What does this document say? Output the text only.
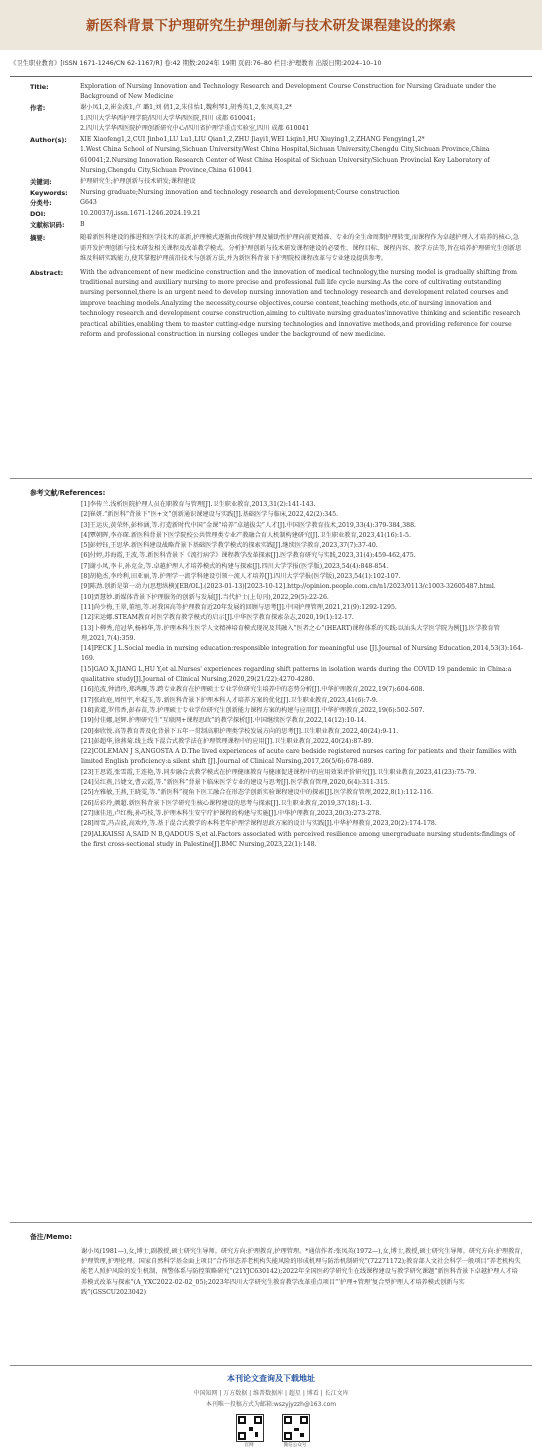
新医科背景下护理研究生护理创新与技术研发课程建设的探索
《卫生职业教育》[ISSN 1671-1246/CN 62-1167/R] 卷:42 期数:2024年 19期 页码:76–80 栏目:护理教育 出版日期:2024–10–10
Title:	Exploration of Nursing Innovation and Technology Research and Development Course Construction for Nursing Graduate under the Background of New Medicine

作者:	谢小凤1,2,崔金波1,卢 璐1,刘 倩1,2,朱佳怡1,魏利琴1,胡秀英1,2,张凤英1,2*

1.四川大学华西护理学院/四川大学华西医院,四川 成都 610041;

2.四川大学华西医院护理创新研究中心/四川省护理学重点实验室,四川 成都 610041

Author(s):	XIE Xiaofeng1,2,CUI Jinbo1,LU Lu1,LIU Qian1,2,ZHU Jiayi1,WEI Liqin1,HU Xiuying1,2,ZHANG Fengying1,2*

1.West China School of Nursing,Sichuan University/West China Hospital,Sichuan University,Chengdu City,Sichuan Province,China 610041;2.Nursing Innovation Research Center of West China Hospital of Sichuan University/Sichuan Provincial Key Laboratory of Nursing,Chengdu City,Sichuan Province,China 610041

关键词:	护理研究生;护理创新与技术研发;课程建设

Keywords:	Nursing graduate;Nursing innovation and technology research and development;Course construction

分类号:	G643

DOI:	10.20037/j.issn.1671-1246.2024.19.21

文献标识码:	B

摘要:	随着新医科建设的推进和医学技术的革新,护理模式逐渐由传统护理及辅助性护理向前更精准、专业的全生命周期护理转变,而课程作为卓越护理人才培养的核心,急需开发护理创新与技术研发相关课程及改革教学模式。分析护理创新与技术研发课程建设的必要性、课程目标、课程内容、教学方法等,旨在培养护理研究生创新思维及科研实践能力,使其掌握护理前沿技术与创新方法,并为新医科背景下护理院校课程改革与专业建设提供参考。

Abstract:	With the advancement of new medicine construction and the innovation of medical technology,the nursing model is gradually shifting from traditional nursing and auxiliary nursing to more precise and professional full life cycle nursing.As the core of cultivating outstanding nursing personnel,there is an urgent need to develop nursing innovation and technology research and development related courses and improve teaching models.Analyzing the necessity,course objectives,course content,teaching methods,etc.of nursing innovation and technology research and development course construction,aiming to cultivate nursing graduates'innovative thinking and scientific research practical abilities,enabling them to master cutting-edge nursing technologies and innovative methods,and providing reference for course reform and professional construction in nursing colleges under the background of new medicine.

参考文献/References:
[1]李传兰.浅析医院护理人员在职教育与管理[J].卫生职业教育,2013,31(2):141-143.
[2]崔妍.“新医科”背景下“医+文”创新通识课建设与实践[J].基础医学与临床,2022,42(2):345.
[3]王运庆,黄荣怀,彭梓涵,等.打造新时代中国“金课”培养“卓越拔尖”人才[J].中国医学教育技术,2019,33(4):379-384,388.
[4]覃朝晖,李亦琛.新医科背景下医学院校公共管理类专业产教融合育人机制构建研究[J].卫生职业教育,2023,41(16):1-5.
[5]彭婷钰,王思华.新医科建设战略背景下基础医学教学模式的探索实践[J].继续医学教育,2023,37(7):37-40.
[6]付婷,苏海霞,王波,等.新医科背景下《流行病学》课程教学改革探索[J].医学教育研究与实践,2023,31(4):459-462,475.
[7]谢小凤,李卡,孙克金,等.卓越护理人才培养模式的构建与探索[J].四川大学学报(医学版),2023,54(4):848-854.
[8]胡艳杰,李玲利,田亚丽,等.护理学一流学科建设引领一流人才培养[J].四川大学学报(医学版),2023,54(1):102-107.
[9]陈劲.创新是第一动力(思想纵横)[EB/OL].(2023-01-13)[2023-10-12].http://opinion.people.com.cn/n1/2023/0113/c1003-32605487.html.
[10]贾慧妙.新媒体背景下护理服务的创新与发展[J].当代护士(上旬刊),2022,29(5):22-26.
[11]尚少梅,王翠,董旭,等.对我国高等护理教育近20年发展的回顾与思考[J].中国护理管理,2021,21(9):1292-1295.
[12]宋运娜.STEAM教育对医学教育教学模式的启示[J].中华医学教育探索杂志,2020,19(1):12-17.
[13]卜柳秀,范冠华,杨柿华,等.护理本科生医学人文精神培育模式现况及其融入“医者之心”(HEART)课程体系的实践:以汕头大学医学院为例[J].医学教育管理,2021,7(4):359.
[14]PECK J L.Social media in nursing education:responsible integration for meaningful use [J].Journal of Nursing Education,2014,53(3):164-169.
[15]GAO X,JIANG L,HU Y,et al.Nurses' experiences regarding shift patterns in isolation wards during the COVID 19 pandemic in China:a qualitative study[J].Journal of Clinical Nursing,2020,29(21/22):4270-4280.
[16]范波,钟清玲,郑鸿雁,等.跨专业教育在护理硕士专业学位研究生培养中的态势分析[J].中华护理教育,2022,19(7):604-608.
[17]张政庭,周恒宇,牟琨玉,等.新医科背景下护理本科人才培养方案的优化[J].卫生职业教育,2023,41(6):7-9.
[18]黄道,罗伟香,彭春苗,等.护理硕士专业学位研究生创新能力课程方案的构建与应用[J].中华护理教育,2022,19(6):502-507.
[19]付佳娜,赵辉.护理研究生“互联网+课程思政”的教学探析[J].中国继续医学教育,2022,14(12):10-14.
[20]秦欣悦.高等教育普及化背景下五年一贯制高职护理类学校发展方向的思考[J].卫生职业教育,2022,40(24):9-11.
[21]彭超华,徐燕菊.线上线下混合式教学法在护理管理课程中的应用[J].卫生职业教育,2022,40(24):87-89.
[22]COLEMAN J S,ANGOSTA A D.The lived experiences of acute care bedside registered nurses caring for patients and their families with limited English proficiency:a silent shift [J].Journal of Clinical Nursing,2017,26(5/6):678-689.
[23]王思霞,张雪霞,王连艳,等.同步融合式教学模式在护理健康教育与健康促进课程中的应用效果评价研究[J].卫生职业教育,2023,41(23):75-79.
[24]吴红燕,吕婕文,曹云霞,等.“新医科”背景下临床医学专业的建设与思考[J].医学教育管理,2020,6(4):311-315.
[25]左雅敏,王燕,王晓雯,等.“新医科”视角下医工融合在形态学创新实验课程建设中的探索[J].医学教育管理,2022,8(1):112-116.
[26]岳彩玲,颜超.新医科背景下医学研究生核心课程建设的思考与探索[J].卫生职业教育,2019,37(18):1-3.
[27]康佳迅,卢红梅,孙巧枝,等.护理本科生安宁疗护课程的构建与实施[J].中华护理教育,2023,20(3):273-278.
[28]周雪,冯吉波,高欢玲,等.基于混合式教学的本科老年护理学课程思政方案的设计与实践[J].中华护理教育,2023,20(2):174-178.
[29]ALKAISSI A,SAID N B,QADOUS S,et al.Factors associated with perceived resilience among unergraduate nursing students:findings of the first cross-sectional study in Palestine[J].BMC Nursing,2023,22(1):148.
备注/Memo:
谢小凤(1981—),女,博士,副教授,硕士研究生导师。研究方向:护理教育,护理管理。*通信作者:张凤英(1972—),女,博士,教授,硕士研究生导师。研究方向:护理教育,护理管理,护理伦理。国家自然科学基金面上项目“合作形态养老机构失能风险的形成机理与防治机制研究”(72271172);教育部人文社会科学一般项目“养老机构失能老人照护风险的发生机制、预警体系与防控策略研究”(21YJC630142);2022年全国医药学研究生在线课程建设与教学研究课题“新医科背景下卓越护理人才培养模式改革与探索”(A_YXC2022-02-02_05);2023年四川大学研究生教育教学改革重点项目“‘护理+管理’复合型护理人才培养模式创新与实践”(GSSCU2023042)
本刊论文查询及下载地址
中国知网 | 万方数据 | 维普数据库 | 超星 | 博看 | 长江文库
本刊唯一投稿方式为邮箱:wszyjyzzh@163.com
官网	微信公众号
